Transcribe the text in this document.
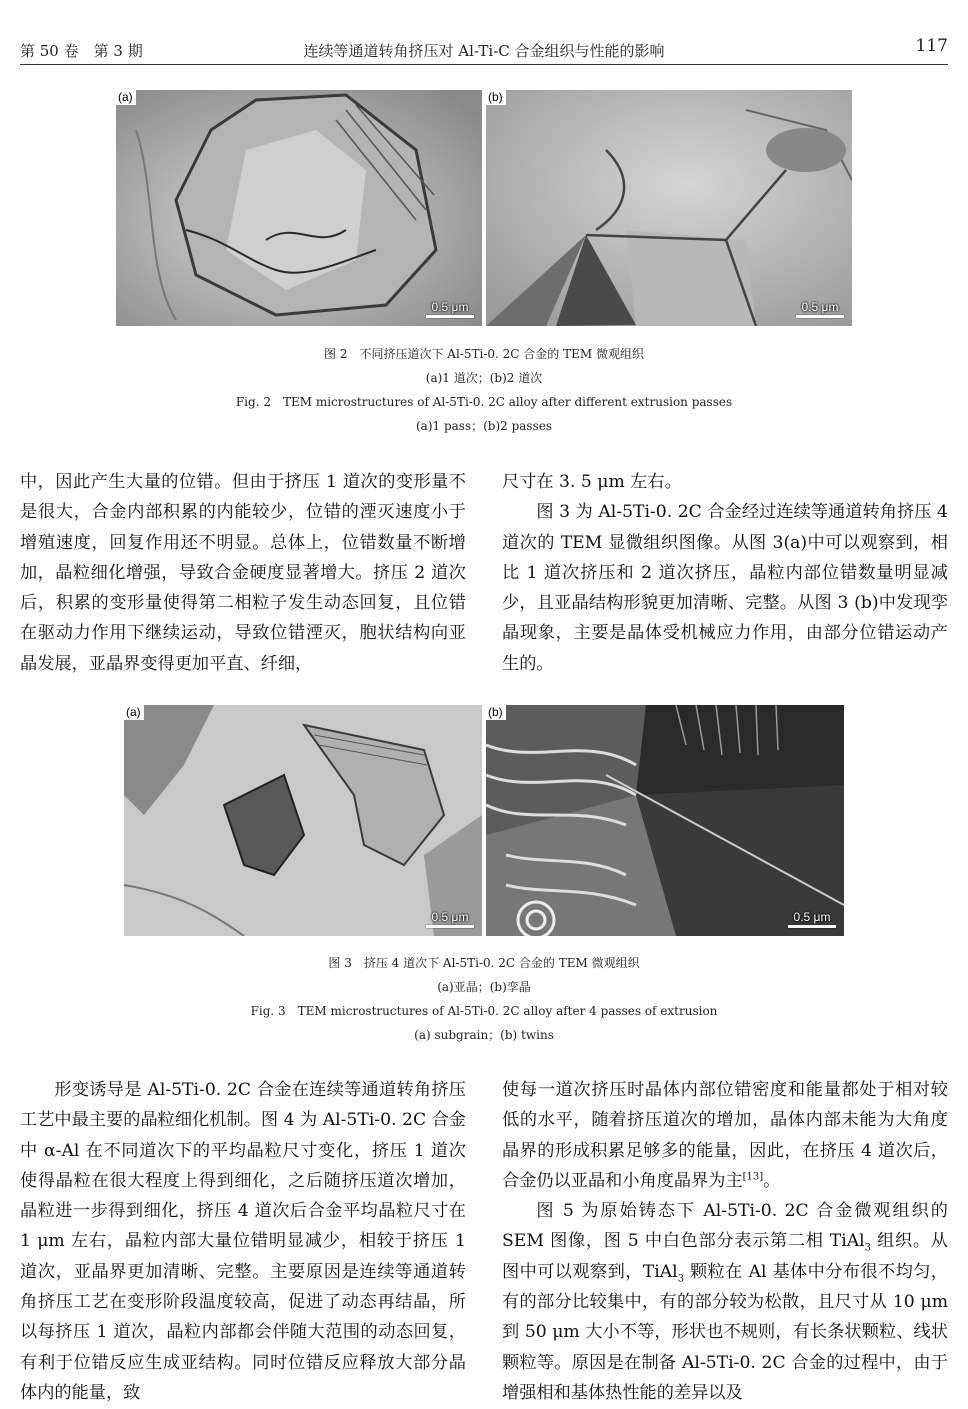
第 50 卷　第 3 期	连续等通道转角挤压对 Al-Ti-C 合金组织与性能的影响	117
(a)
0.5 μm
(b)
0.5 μm
图 2　不同挤压道次下 Al-5Ti-0. 2C 合金的 TEM 微观组织
(a)1 道次；(b)2 道次
Fig. 2　TEM microstructures of Al-5Ti-0. 2C alloy after different extrusion passes
(a)1 pass；(b)2 passes

中，因此产生大量的位错。但由于挤压 1 道次的变形量不是很大，合金内部积累的内能较少，位错的湮灭速度小于增殖速度，回复作用还不明显。总体上，位错数量不断增加，晶粒细化增强，导致合金硬度显著增大。挤压 2 道次后，积累的变形量使得第二相粒子发生动态回复，且位错在驱动力作用下继续运动，导致位错湮灭，胞状结构向亚晶发展，亚晶界变得更加平直、纤细，

尺寸在 3. 5 μm 左右。

图 3 为 Al-5Ti-0. 2C 合金经过连续等通道转角挤压 4 道次的 TEM 显微组织图像。从图 3(a)中可以观察到，相比 1 道次挤压和 2 道次挤压，晶粒内部位错数量明显减少，且亚晶结构形貌更加清晰、完整。从图 3 (b)中发现孪晶现象，主要是晶体受机械应力作用，由部分位错运动产生的。

(a)
0.5 μm
(b)
0.5 μm
图 3　挤压 4 道次下 Al-5Ti-0. 2C 合金的 TEM 微观组织
(a)亚晶；(b)孪晶
Fig. 3　TEM microstructures of Al-5Ti-0. 2C alloy after 4 passes of extrusion
(a) subgrain；(b) twins

形变诱导是 Al-5Ti-0. 2C 合金在连续等通道转角挤压工艺中最主要的晶粒细化机制。图 4 为 Al-5Ti-0. 2C 合金中 α-Al 在不同道次下的平均晶粒尺寸变化，挤压 1 道次使得晶粒在很大程度上得到细化，之后随挤压道次增加，晶粒进一步得到细化，挤压 4 道次后合金平均晶粒尺寸在 1 μm 左右，晶粒内部大量位错明显减少，相较于挤压 1 道次，亚晶界更加清晰、完整。主要原因是连续等通道转角挤压工艺在变形阶段温度较高，促进了动态再结晶，所以每挤压 1 道次，晶粒内部都会伴随大范围的动态回复，有利于位错反应生成亚结构。同时位错反应释放大部分晶体内的能量，致

使每一道次挤压时晶体内部位错密度和能量都处于相对较低的水平，随着挤压道次的增加，晶体内部未能为大角度晶界的形成积累足够多的能量，因此，在挤压 4 道次后，合金仍以亚晶和小角度晶界为主[13]。

图 5 为原始铸态下 Al-5Ti-0. 2C 合金微观组织的 SEM 图像，图 5 中白色部分表示第二相 TiAl$_3$ 组织。从图中可以观察到，TiAl$_3$ 颗粒在 Al 基体中分布很不均匀，有的部分比较集中，有的部分较为松散，且尺寸从 10 μm 到 50 μm 大小不等，形状也不规则，有长条状颗粒、线状颗粒等。原因是在制备 Al-5Ti-0. 2C 合金的过程中，由于增强相和基体热性能的差异以及
